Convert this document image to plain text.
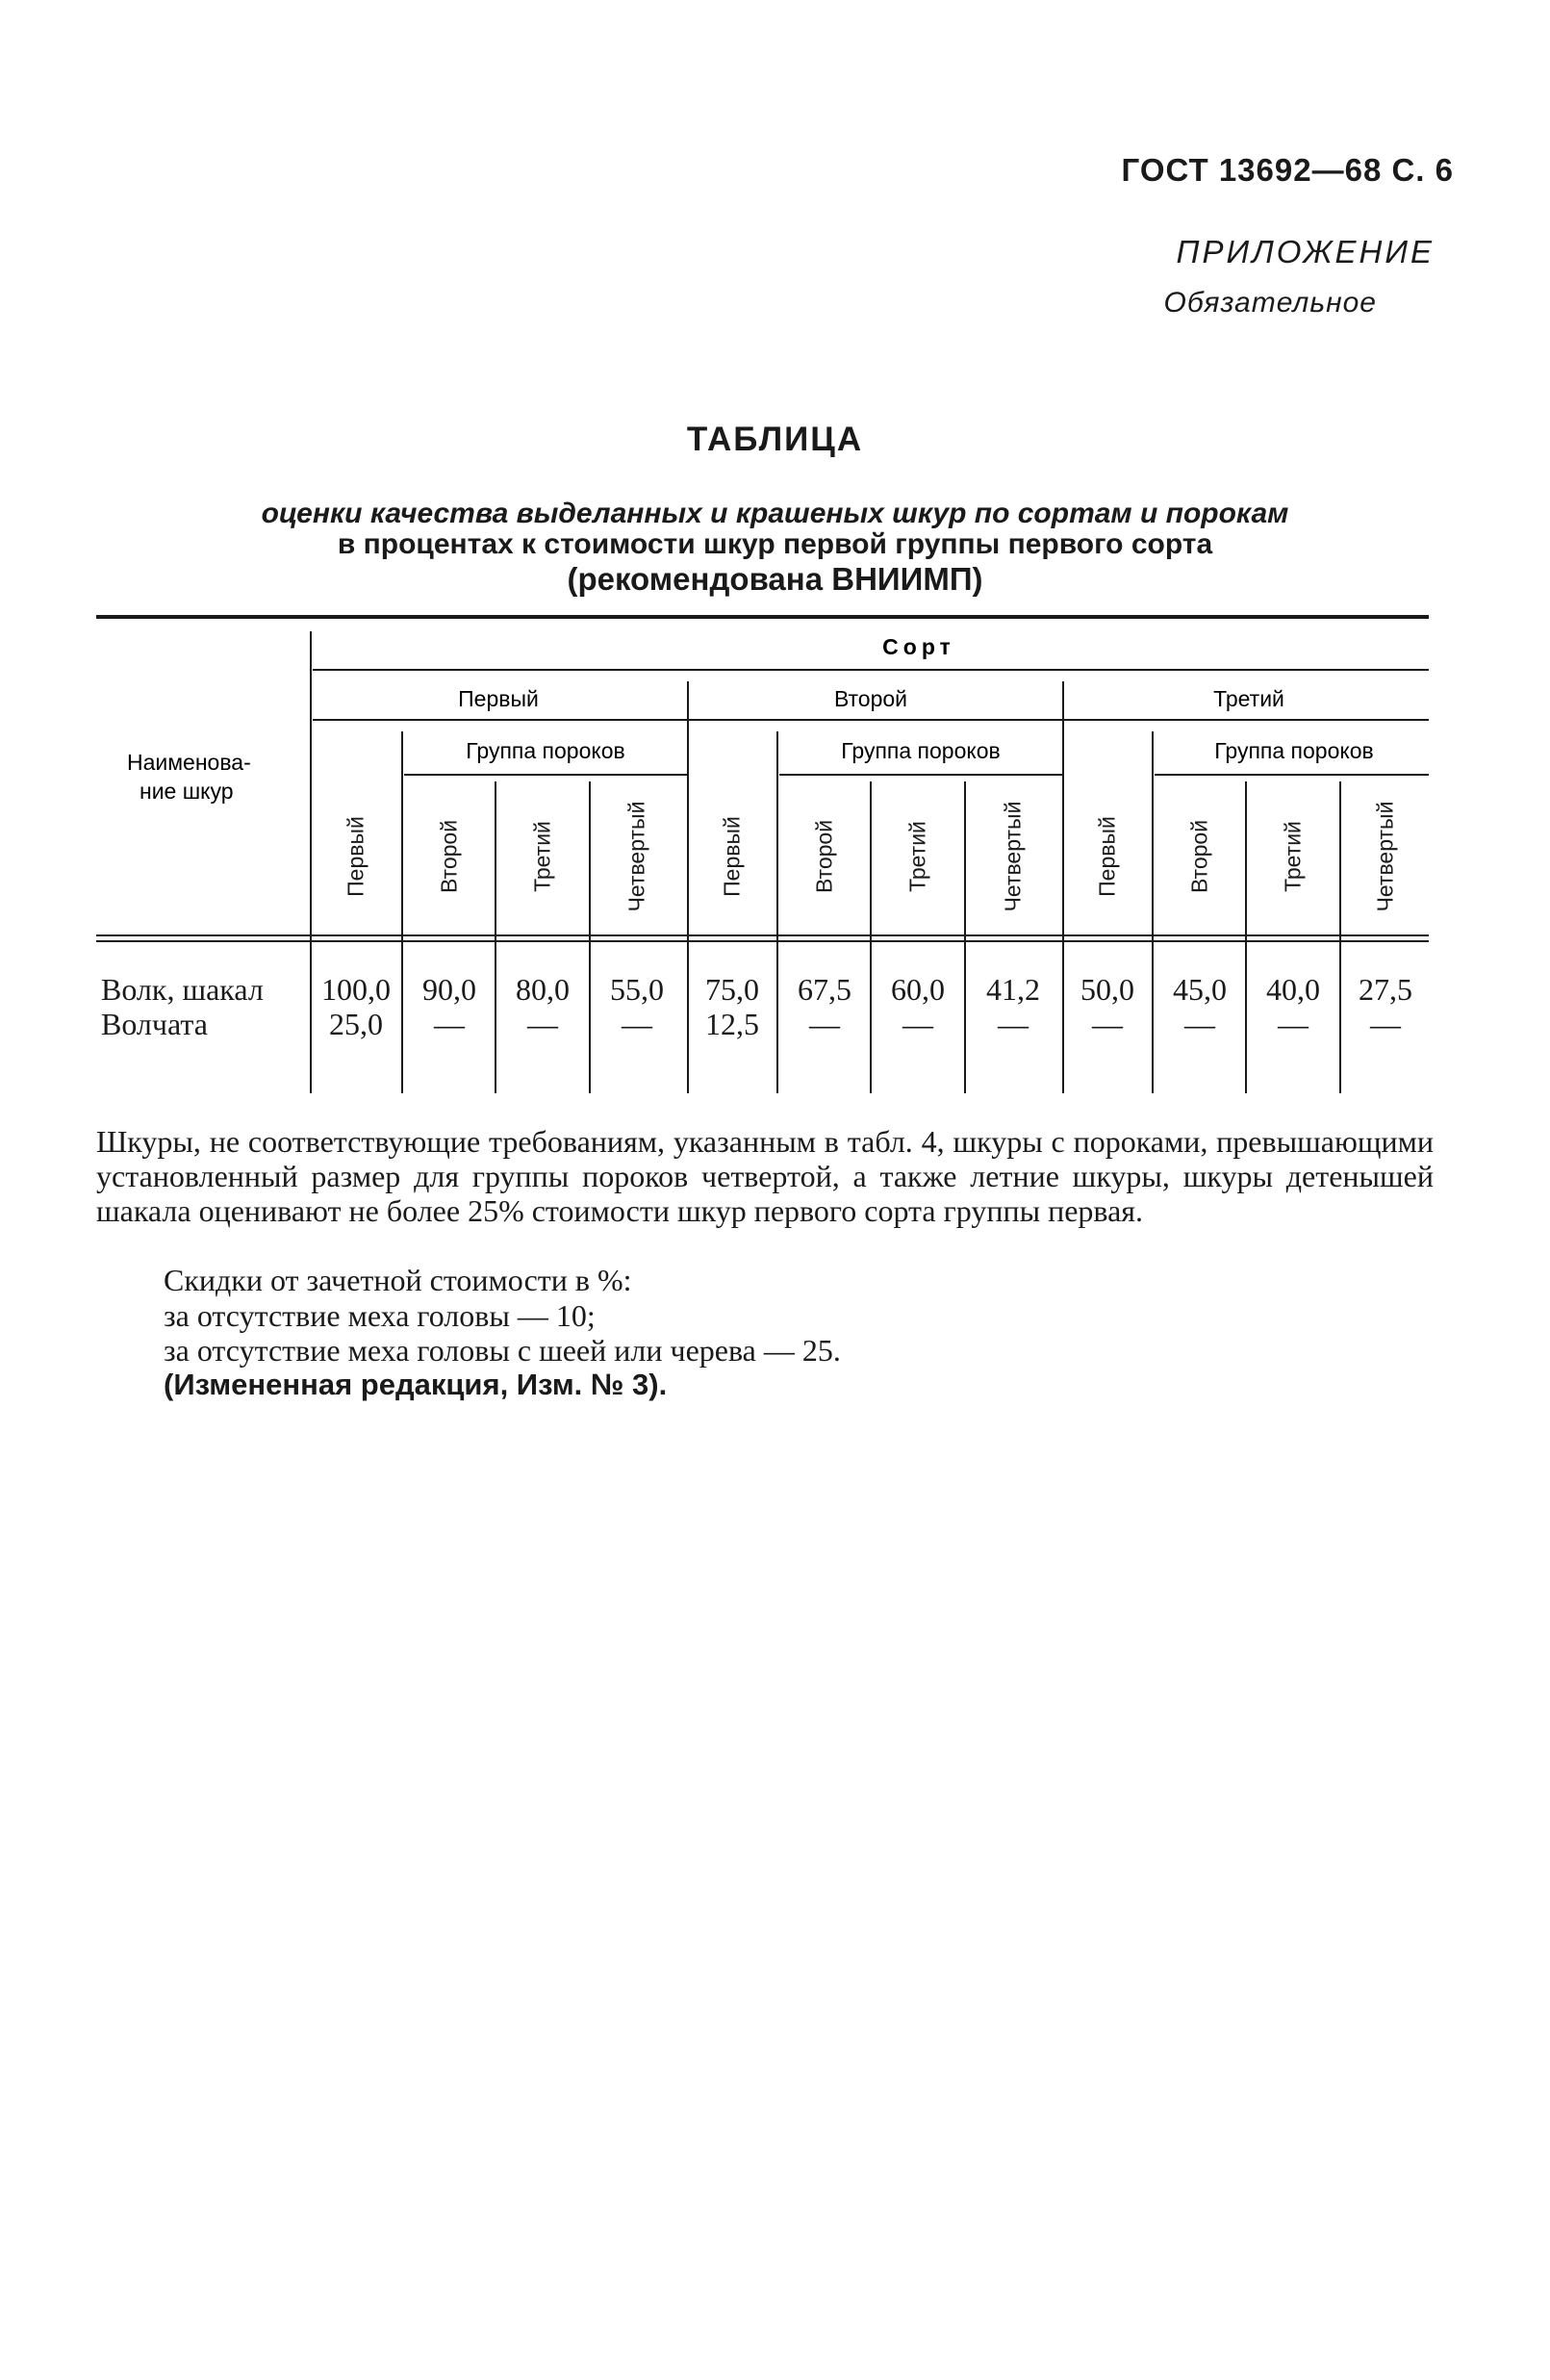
ГОСТ 13692—68 С. 6
ПРИЛОЖЕНИЕ
Обязательное
ТАБЛИЦА
оценки качества выделанных и крашеных шкур по сортам и порокам
в процентах к стоимости шкур первой группы первого сорта
(рекомендована ВНИИМП)
Наименова-
ние шкур
Сорт
Первый	Второй	Третий
Группа пороков	Группа пороков	Группа пороков
Первый	Второй	Третий	Четвертый	Первый	Второй	Третий	Четвертый	Первый	Второй	Третий	Четвертый
Волк, шакал 100,0 90,0 80,0 55,0 75,0 67,5 60,0 41,2 50,0 45,0 40,0 27,5
Волчата	25,0 — — — 12,5 — — — — — — —
Шкуры, не соответствующие требованиям, указанным в табл. 4, шкуры с пороками, превышающими установленный размер для группы пороков четвертой, а также летние шкуры, шкуры детенышей шакала оценивают не более 25% стоимости шкур первого сорта группы первая.
Скидки от зачетной стоимости в %:
за отсутствие меха головы — 10;
за отсутствие меха головы с шеей или черева — 25.
(Измененная редакция, Изм. № 3).
